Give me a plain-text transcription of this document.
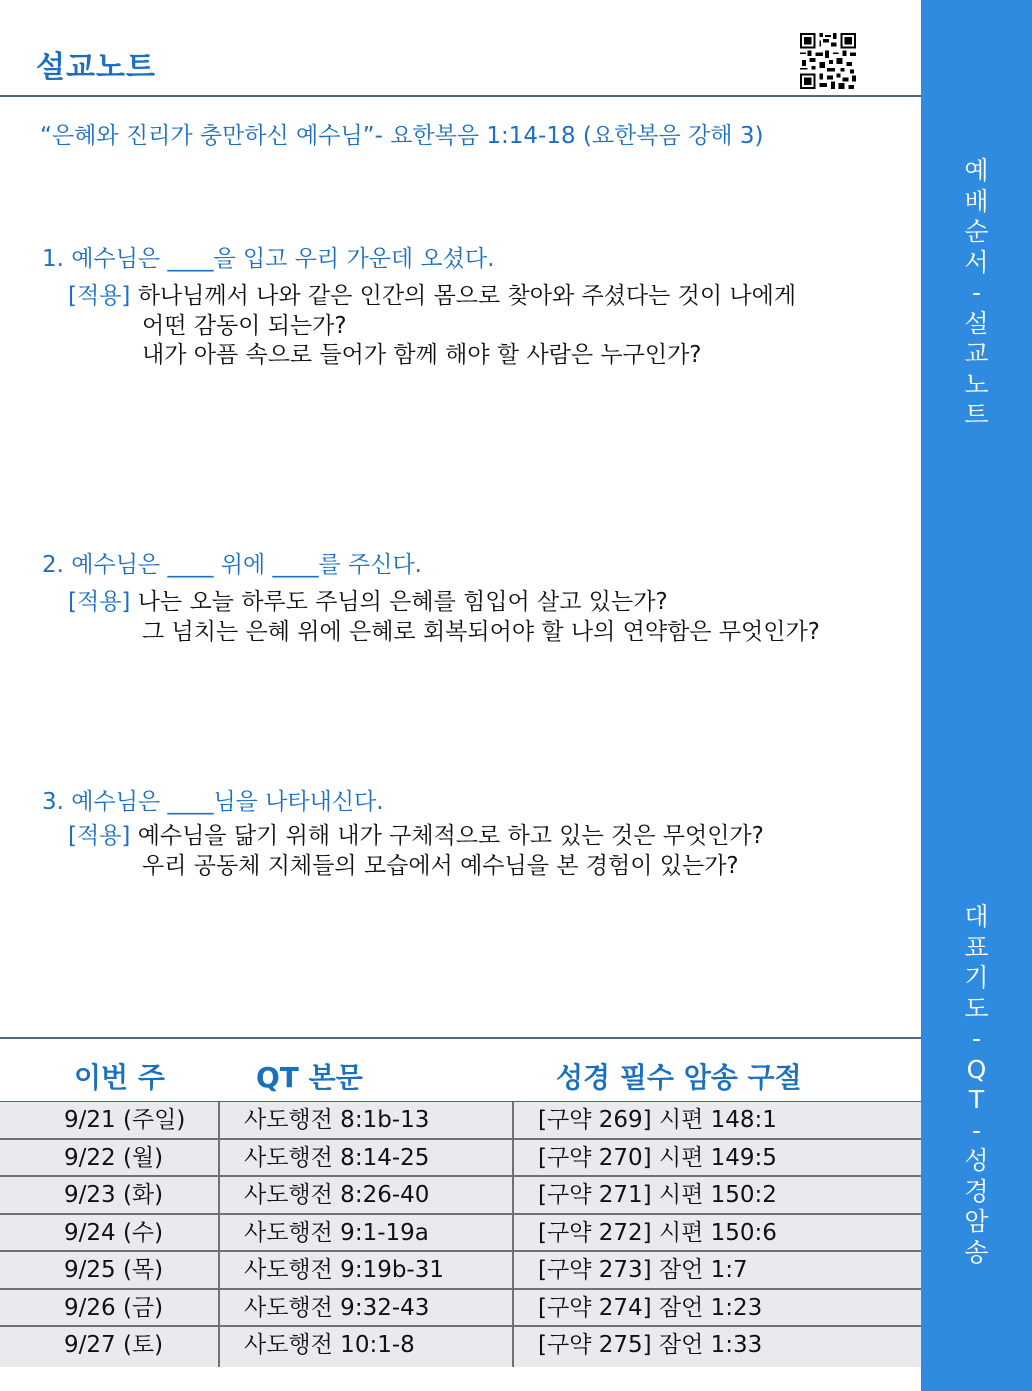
설교노트
“은혜와 진리가 충만하신 예수님”- 요한복음 1:14-18 (요한복음 강해 3)
1. 예수님은 ____을 입고 우리 가운데 오셨다.
[적용] 하나님께서 나와 같은 인간의 몸으로 찾아와 주셨다는 것이 나에게
어떤 감동이 되는가?
내가 아픔 속으로 들어가 함께 해야 할 사람은 누구인가?
2. 예수님은 ____ 위에 ____를 주신다.
[적용] 나는 오늘 하루도 주님의 은혜를 힘입어 살고 있는가?
그 넘치는 은혜 위에 은혜로 회복되어야 할 나의 연약함은 무엇인가?
3. 예수님은 ____님을 나타내신다.
[적용] 예수님을 닮기 위해 내가 구체적으로 하고 있는 것은 무엇인가?
우리 공동체 지체들의 모습에서 예수님을 본 경험이 있는가?
이번 주	QT 본문	성경 필수 암송 구절
9/21 (주일)	사도행전 8:1b-13	[구약 269] 시편 148:1
9/22 (월)	사도행전 8:14-25	[구약 270] 시편 149:5
9/23 (화)	사도행전 8:26-40	[구약 271] 시편 150:2
9/24 (수)	사도행전 9:1-19a	[구약 272] 시편 150:6
9/25 (목)	사도행전 9:19b-31	[구약 273] 잠언 1:7
9/26 (금)	사도행전 9:32-43	[구약 274] 잠언 1:23
9/27 (토)	사도행전 10:1-8	[구약 275] 잠언 1:33
예
배
순
서
-
설
교
노
트
대
표
기
도
-
Q
T
-
성
경
암
송
